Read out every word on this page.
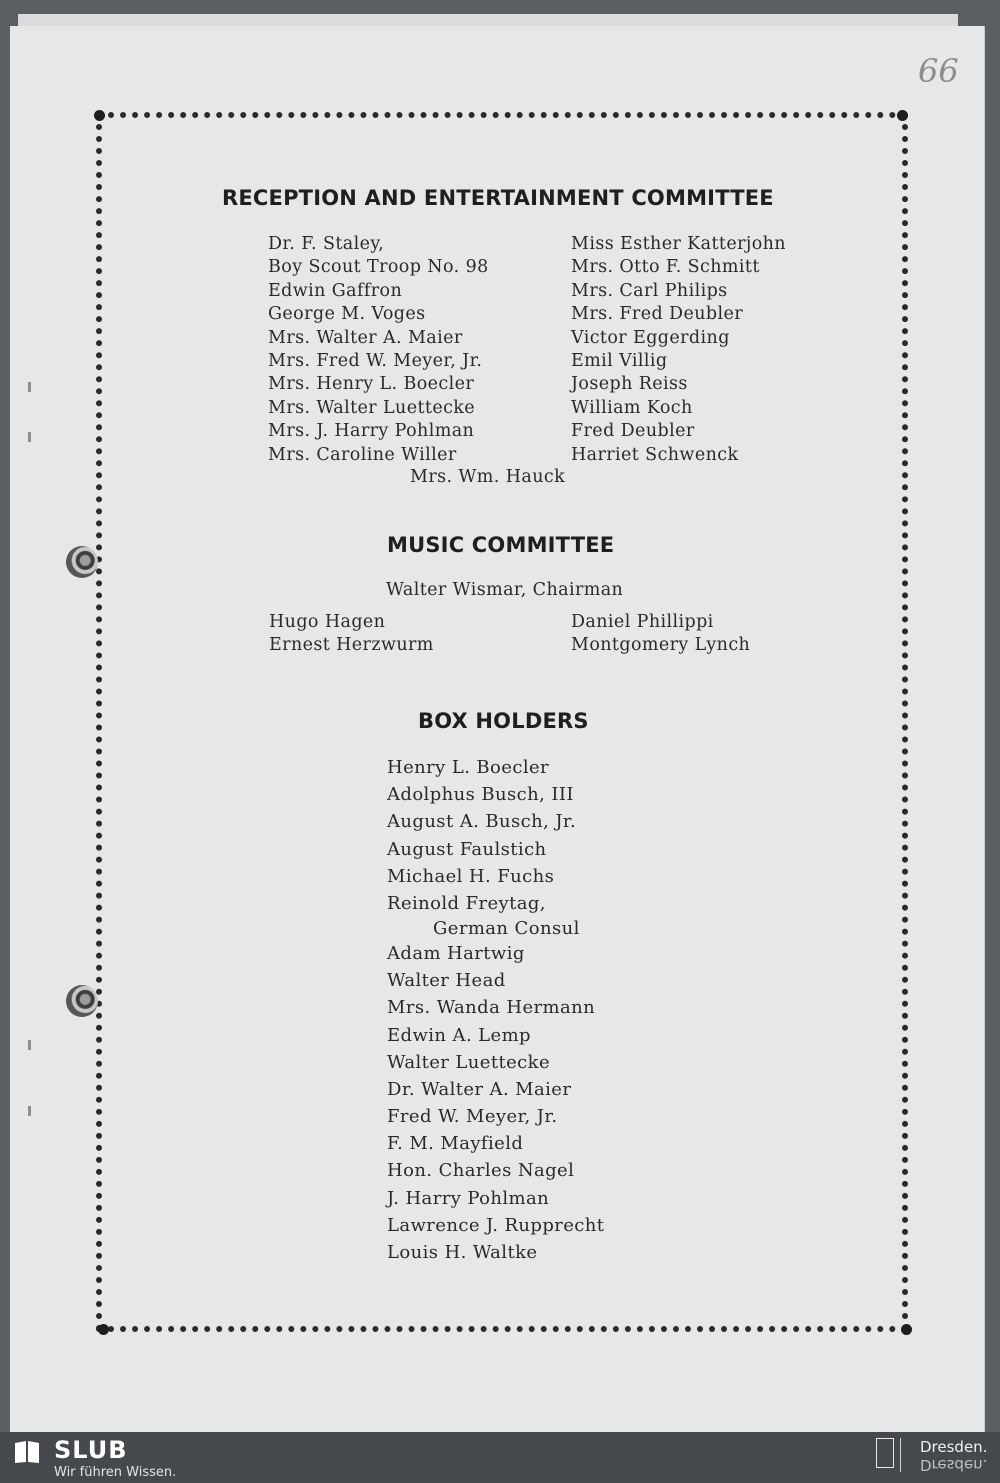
66
RECEPTION AND ENTERTAINMENT COMMITTEE
Dr. F. Staley,
Boy Scout Troop No. 98
Edwin Gaffron
George M. Voges
Mrs. Walter A. Maier
Mrs. Fred W. Meyer, Jr.
Mrs. Henry L. Boecler
Mrs. Walter Luettecke
Mrs. J. Harry Pohlman
Mrs. Caroline Willer
Miss Esther Katterjohn
Mrs. Otto F. Schmitt
Mrs. Carl Philips
Mrs. Fred Deubler
Victor Eggerding
Emil Villig
Joseph Reiss
William Koch
Fred Deubler
Harriet Schwenck

Mrs. Wm. Hauck

MUSIC COMMITTEE

Walter Wismar, Chairman

Hugo Hagen
Ernest Herzwurm
Daniel Phillippi
Montgomery Lynch
BOX HOLDERS
Henry L. Boecler
Adolphus Busch, III
August A. Busch, Jr.
August Faulstich
Michael H. Fuchs
Reinold Freytag,
German Consul
Adam Hartwig
Walter Head
Mrs. Wanda Hermann
Edwin A. Lemp
Walter Luettecke
Dr. Walter A. Maier
Fred W. Meyer, Jr.
F. M. Mayfield
Hon. Charles Nagel
J. Harry Pohlman
Lawrence J. Rupprecht
Louis H. Waltke
SLUB
Wir führen Wissen.
Dresden.
Dresden.
